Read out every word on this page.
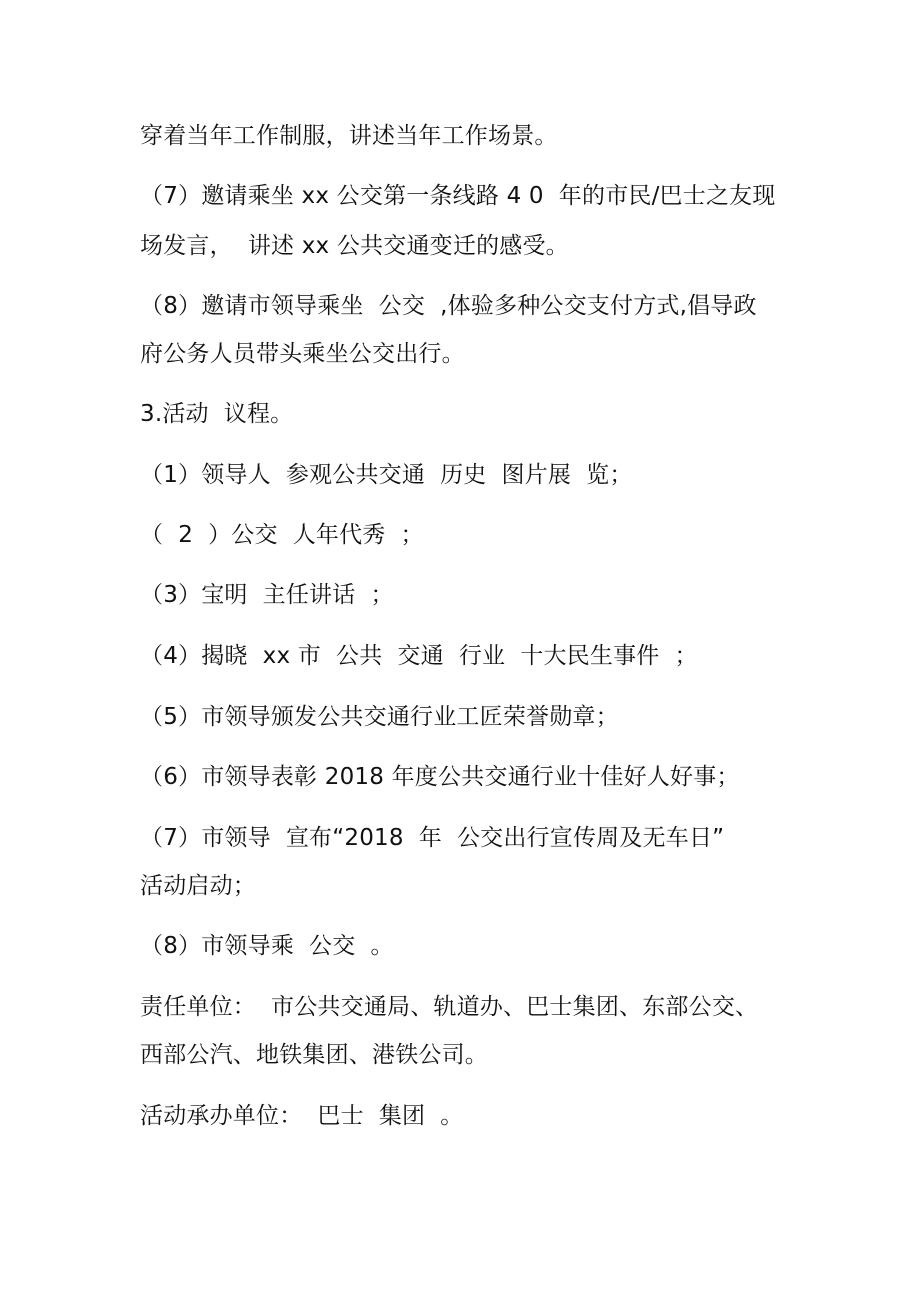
穿着当年工作制服，讲述当年工作场景。
（7）邀请乘坐 xx 公交第一条线路 4 0  年的市民/巴士之友现
场发言，  讲述 xx 公共交通变迁的感受。
（8）邀请市领导乘坐  公交  ,体验多种公交支付方式,倡导政
府公务人员带头乘坐公交出行。
3.活动  议程。
（1）领导人  参观公共交通  历史  图片展  览；
（  2  ）公交  人年代秀  ；
（3）宝明  主任讲话  ；
（4）揭晓  xx 市  公共  交通  行业  十大民生事件  ；
（5）市领导颁发公共交通行业工匠荣誉勋章；
（6）市领导表彰 2018 年度公共交通行业十佳好人好事；
（7）市领导  宣布“2018  年  公交出行宣传周及无车日”
活动启动；
（8）市领导乘  公交  。
责任单位：  市公共交通局、轨道办、巴士集团、东部公交、
西部公汽、地铁集团、港铁公司。
活动承办单位：  巴士  集团  。
